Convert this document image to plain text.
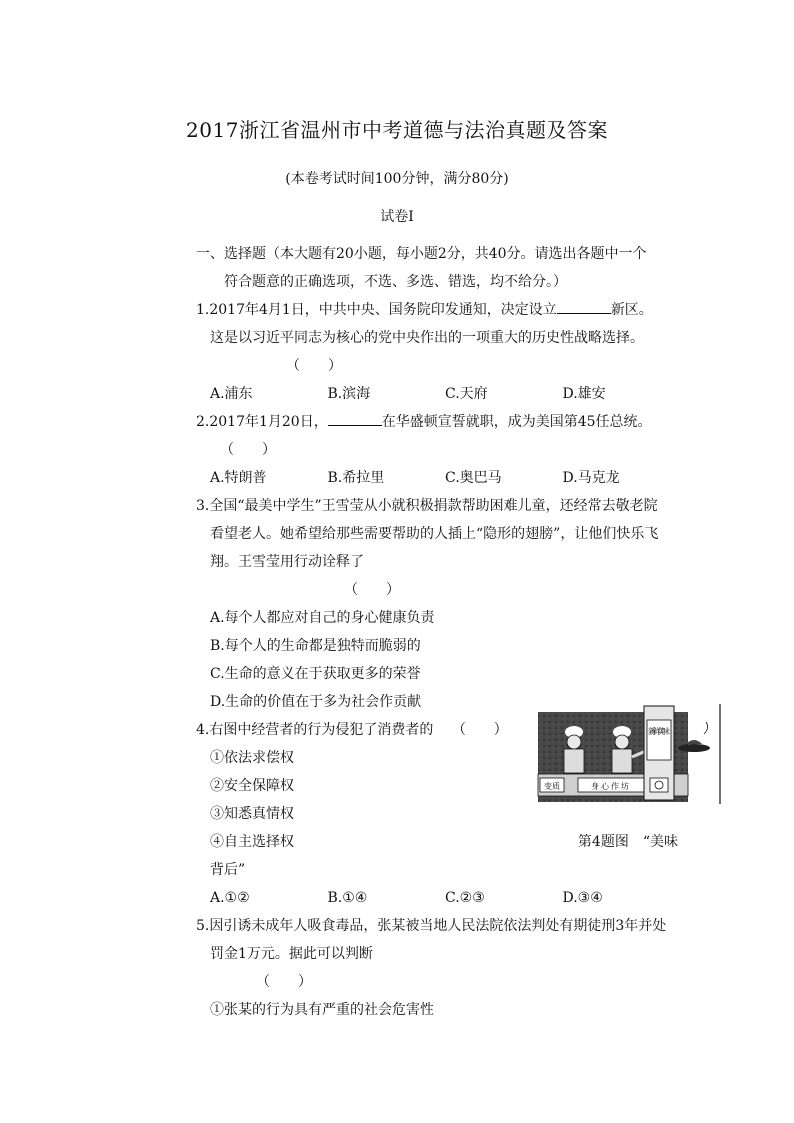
2017浙江省温州市中考道德与法治真题及答案
(本卷考试时间100分钟，满分80分)
试卷Ⅰ
一、选择题（本大题有20小题，每小题2分，共40分。请选出各题中一个
符合题意的正确选项，不选、多选、错选，均不给分。）
1.2017年4月1日，中共中央、国务院印发通知，决定设立	新区。
这是以习近平同志为核心的党中央作出的一项重大的历史性战略选择。
（　　）
A.浦东	B.滨海	C.天府	D.雄安
2.2017年1月20日，	在华盛顿宣誓就职，成为美国第45任总统。
（　　）
A.特朗普	B.希拉里	C.奥巴马	D.马克龙
3.全国“最美中学生”王雪莹从小就积极捐款帮助困难儿童，还经常去敬老院
看望老人。她希望给那些需要帮助的人插上“隐形的翅膀”，让他们快乐飞
翔。王雪莹用行动诠释了
（　　）
A.每个人都应对自己的身心健康负责
B.每个人的生命都是独特而脆弱的
C.生命的意义在于获取更多的荣誉
D.生命的价值在于多为社会作贡献
4.右图中经营者的行为侵犯了消费者的 （　　）
①依法求偿权
②安全保障权
③知悉真情权
④自主选择权	第4题图　“美味
背后”
变质	身心作坊
新鲜美味
A.①②	B.①④	C.②③	D.③④
5.因引诱未成年人吸食毒品，张某被当地人民法院依法判处有期徒刑3年并处
罚金1万元。据此可以判断
（　　）
①张某的行为具有严重的社会危害性
